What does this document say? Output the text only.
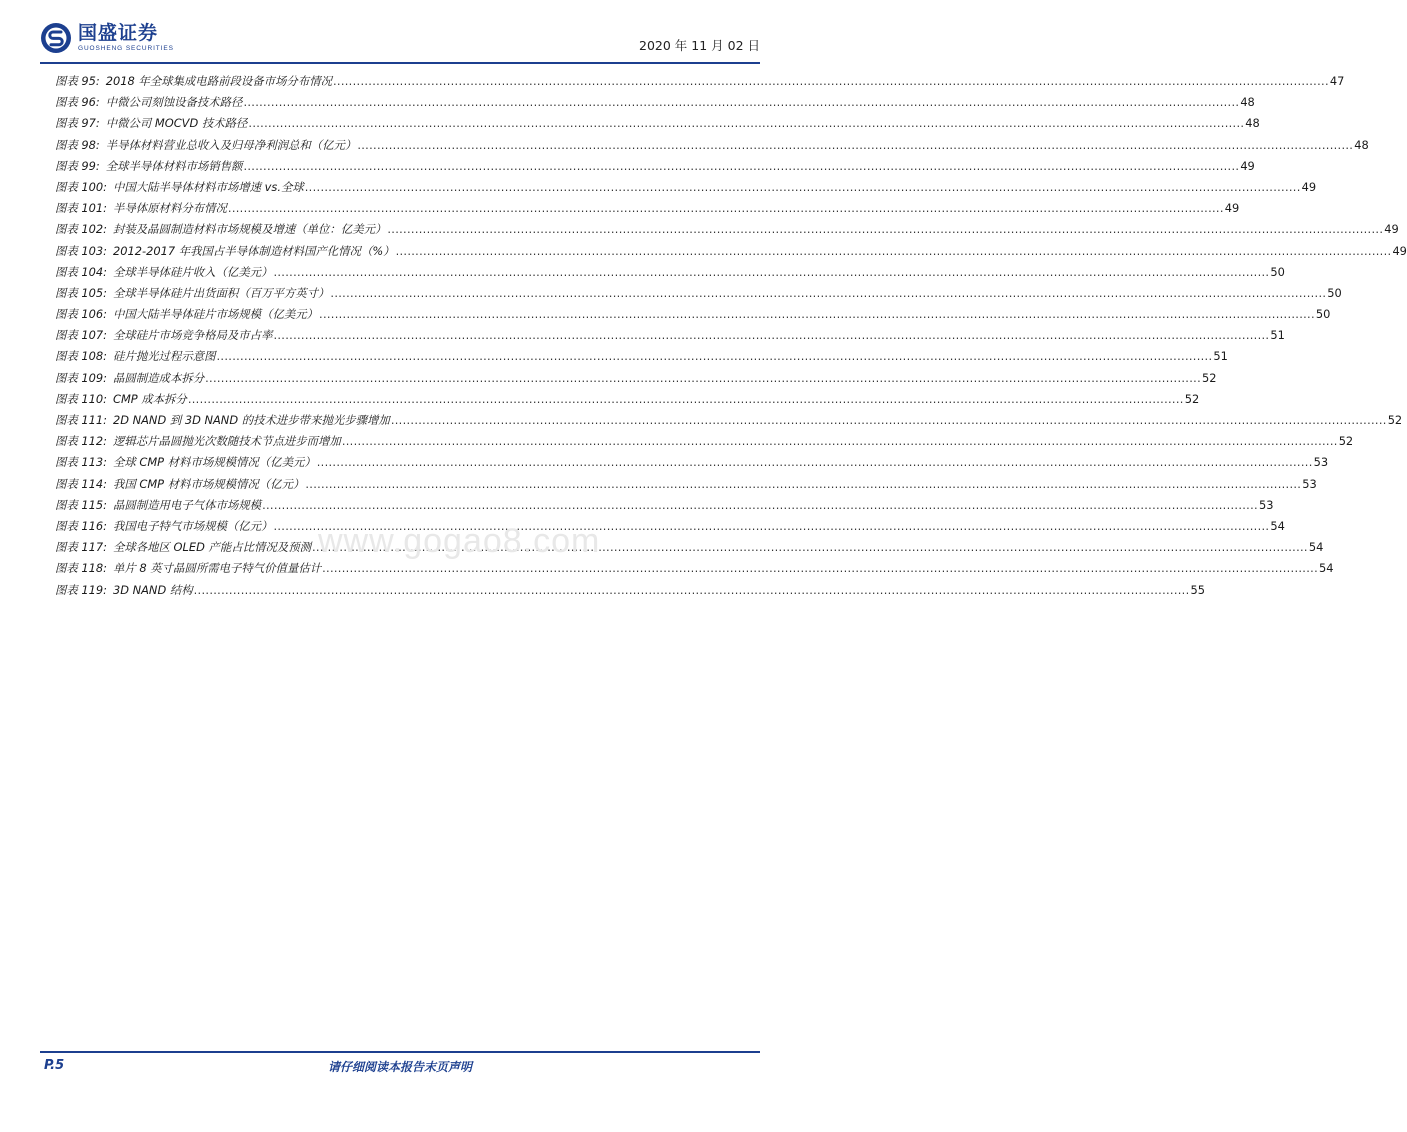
国盛证券
GUOSHENG SECURITIES	2020 年 11 月 02 日
图表 95: 2018 年全球集成电路前段设备市场分布情况 .....	47
图表 96: 中微公司刻蚀设备技术路径 .....	48
图表 97: 中微公司 MOCVD 技术路径 .....	48
图表 98: 半导体材料营业总收入及归母净利润总和（亿元） .....	48
图表 99: 全球半导体材料市场销售额 .....	49
图表 100: 中国大陆半导体材料市场增速 vs.全球 .....	49
图表 101: 半导体原材料分布情况 .....	49
图表 102: 封装及晶圆制造材料市场规模及增速（单位：亿美元） .....	49
图表 103: 2012-2017 年我国占半导体制造材料国产化情况（%） .....	49
图表 104: 全球半导体硅片收入（亿美元） .....	50
图表 105: 全球半导体硅片出货面积（百万平方英寸） .....	50
图表 106: 中国大陆半导体硅片市场规模（亿美元） .....	50
图表 107: 全球硅片市场竞争格局及市占率 .....	51
图表 108: 硅片抛光过程示意图 .....	51
图表 109: 晶圆制造成本拆分 .....	52
图表 110: CMP 成本拆分 .....	52
图表 111: 2D NAND 到 3D NAND 的技术进步带来抛光步骤增加 .....	52
图表 112: 逻辑芯片晶圆抛光次数随技术节点进步而增加 .....	52
图表 113: 全球 CMP 材料市场规模情况（亿美元） .....	53
图表 114: 我国 CMP 材料市场规模情况（亿元） .....	53
图表 115: 晶圆制造用电子气体市场规模 .....	53
图表 116: 我国电子特气市场规模（亿元） .....	54
图表 117: 全球各地区 OLED 产能占比情况及预测 .....	54
图表 118: 单片 8 英寸晶圆所需电子特气价值量估计 .....	54
图表 119: 3D NAND 结构 .....	55
www.gogao8.com
P.5	请仔细阅读本报告末页声明
